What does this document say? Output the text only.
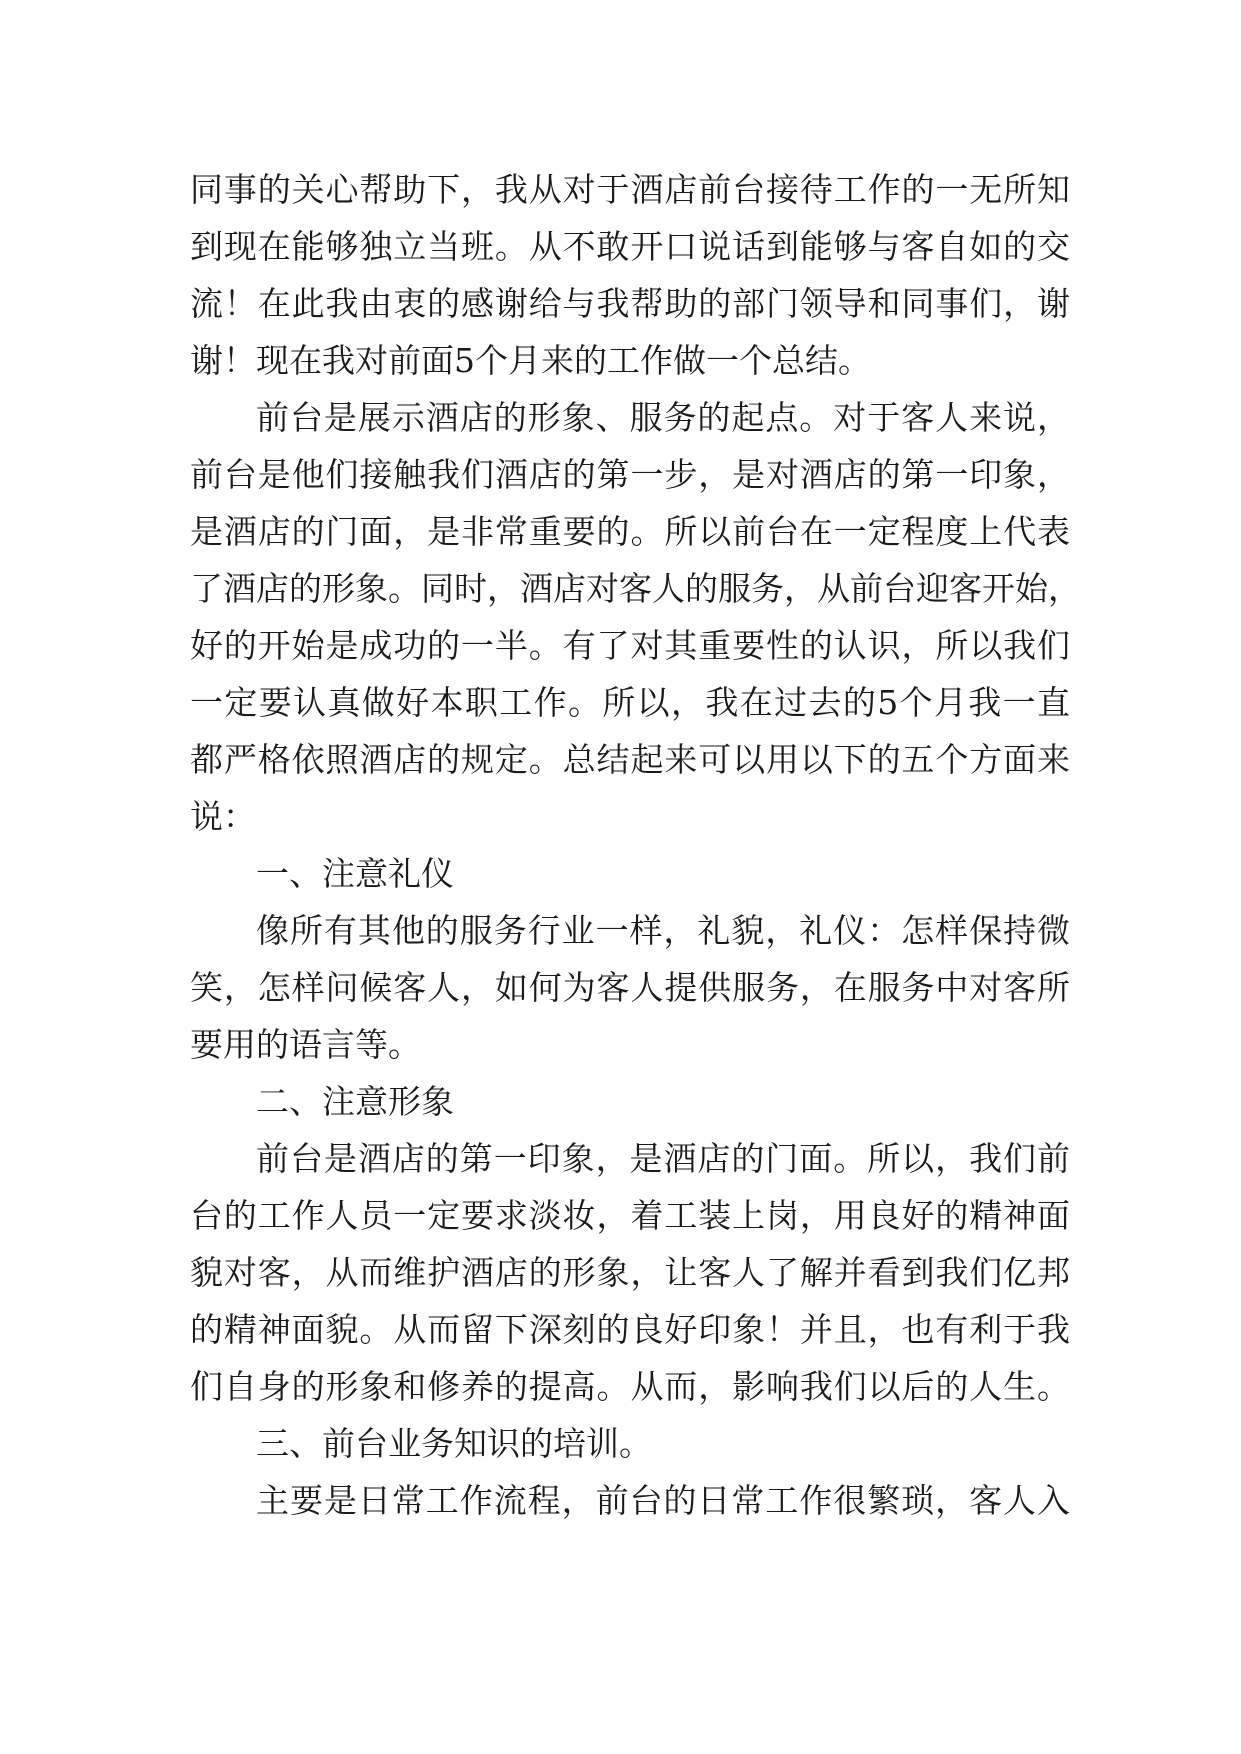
同事的关心帮助下，我从对于酒店前台接待工作的一无所知
到现在能够独立当班。从不敢开口说话到能够与客自如的交
流！在此我由衷的感谢给与我帮助的部门领导和同事们，谢
谢！现在我对前面5个月来的工作做一个总结。
前台是展示酒店的形象、服务的起点。对于客人来说，
前台是他们接触我们酒店的第一步，是对酒店的第一印象，
是酒店的门面，是非常重要的。所以前台在一定程度上代表
了酒店的形象。同时，酒店对客人的服务，从前台迎客开始，
好的开始是成功的一半。有了对其重要性的认识，所以我们
一定要认真做好本职工作。所以，我在过去的5个月我一直
都严格依照酒店的规定。总结起来可以用以下的五个方面来
说：
一、注意礼仪
像所有其他的服务行业一样，礼貌，礼仪：怎样保持微
笑，怎样问候客人，如何为客人提供服务，在服务中对客所
要用的语言等。
二、注意形象
前台是酒店的第一印象，是酒店的门面。所以，我们前
台的工作人员一定要求淡妆，着工装上岗，用良好的精神面
貌对客，从而维护酒店的形象，让客人了解并看到我们亿邦
的精神面貌。从而留下深刻的良好印象！并且，也有利于我
们自身的形象和修养的提高。从而，影响我们以后的人生。
三、前台业务知识的培训。
主要是日常工作流程，前台的日常工作很繁琐，客人入
